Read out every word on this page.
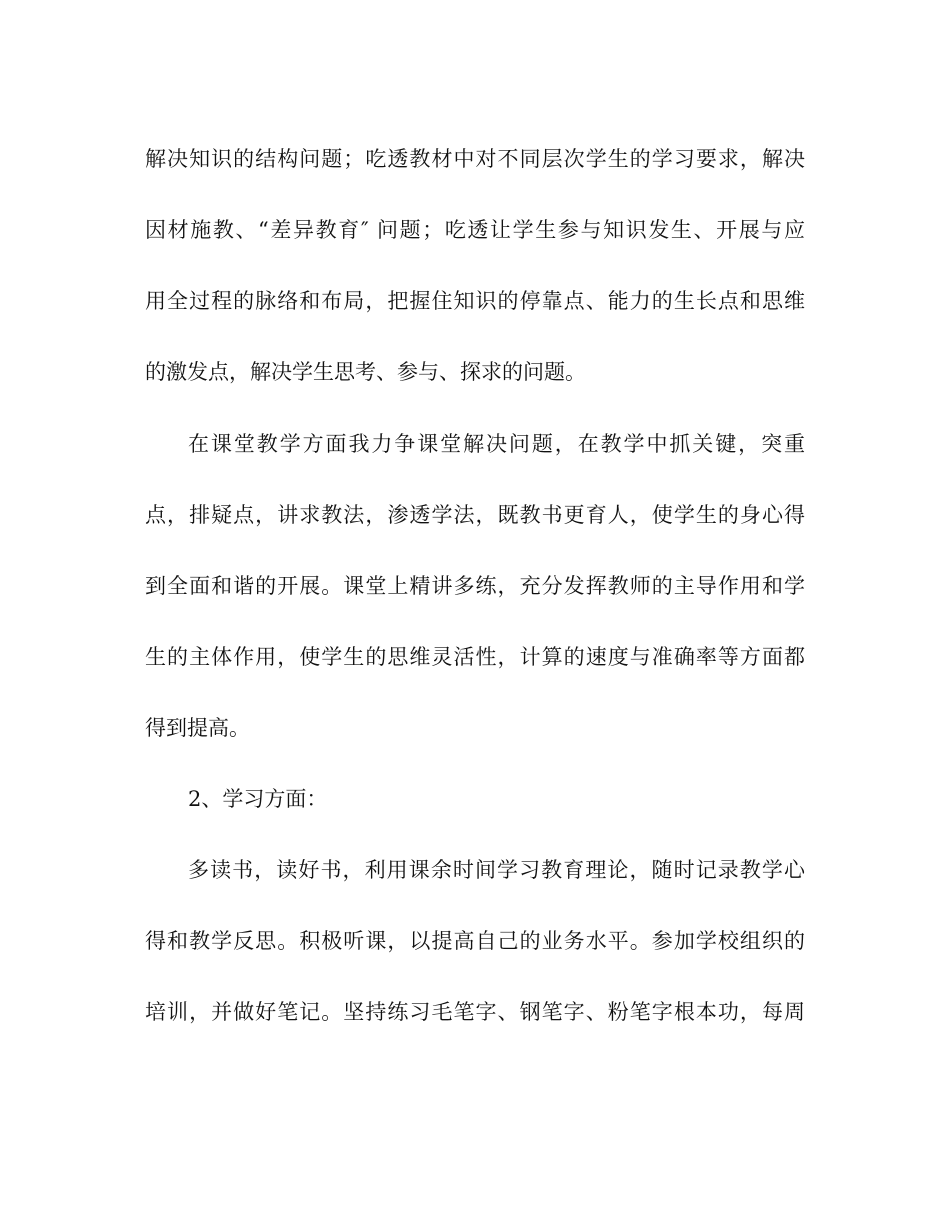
解决知识的结构问题；吃透教材中对不同层次学生的学习要求，解决
因材施教、“差异教育″ 问题；吃透让学生参与知识发生、开展与应
用全过程的脉络和布局，把握住知识的停靠点、能力的生长点和思维
的激发点，解决学生思考、参与、探求的问题。
在课堂教学方面我力争课堂解决问题，在教学中抓关键，突重
点，排疑点，讲求教法，渗透学法，既教书更育人，使学生的身心得
到全面和谐的开展。课堂上精讲多练，充分发挥教师的主导作用和学
生的主体作用，使学生的思维灵活性，计算的速度与准确率等方面都
得到提高。
2、学习方面：
多读书，读好书，利用课余时间学习教育理论，随时记录教学心
得和教学反思。积极听课，以提高自己的业务水平。参加学校组织的
培训，并做好笔记。坚持练习毛笔字、钢笔字、粉笔字根本功，每周
